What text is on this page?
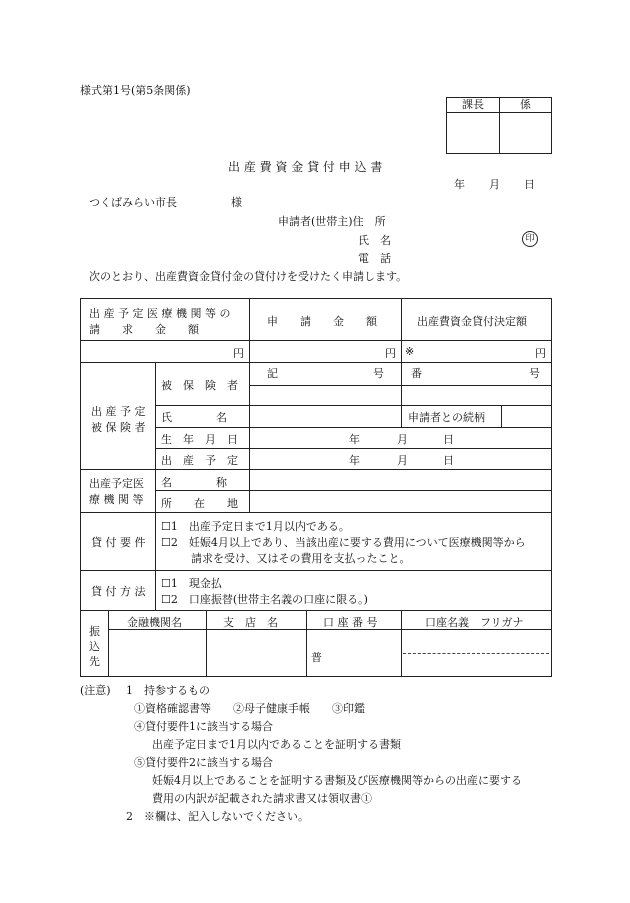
様式第1号(第5条関係)
課長	係
出 産 費 資 金 貸 付 申 込 書
年 月 日
つくばみらい市長	様
申請者(世帯主)住　所
氏　名	印
電　話
次のとおり、出産費資金貸付金の貸付けを受けたく申請します。
出 産 予 定 医 療 機 関 等 の
請　　求　　金　　額
申　　請　　金　　額	出産費資金貸付決定額
円	円 ※	円
出 産 予 定
被 保 険 者
被　保　険　者
記	号 番	号
氏　　　　名	申請者との続柄
生　年　月　日	年	月	日
出　産　予　定	年	月	日
出産予定医
療 機 関 等
名　　　　称
所　　在　　地
貸 付 要 件
☐1　出産予定日まで1月以内である。
☐2　妊娠4月以上であり、当該出産に要する費用について医療機関等から
請求を受け、又はその費用を支払ったこと。
貸 付 方 法
☐1　現金払
☐2　口座振替(世帯主名義の口座に限る。)
振
込
先
金融機関名	支　店　名	口 座 番 号	口座名義　フリガナ
普
(注意) 1　持参するもの
①資格確認書等　　②母子健康手帳　　③印鑑
④貸付要件1に該当する場合
出産予定日まで1月以内であることを証明する書類
⑤貸付要件2に該当する場合
妊娠4月以上であることを証明する書類及び医療機関等からの出産に要する
費用の内訳が記載された請求書又は領収書①
2　※欄は、記入しないでください。
